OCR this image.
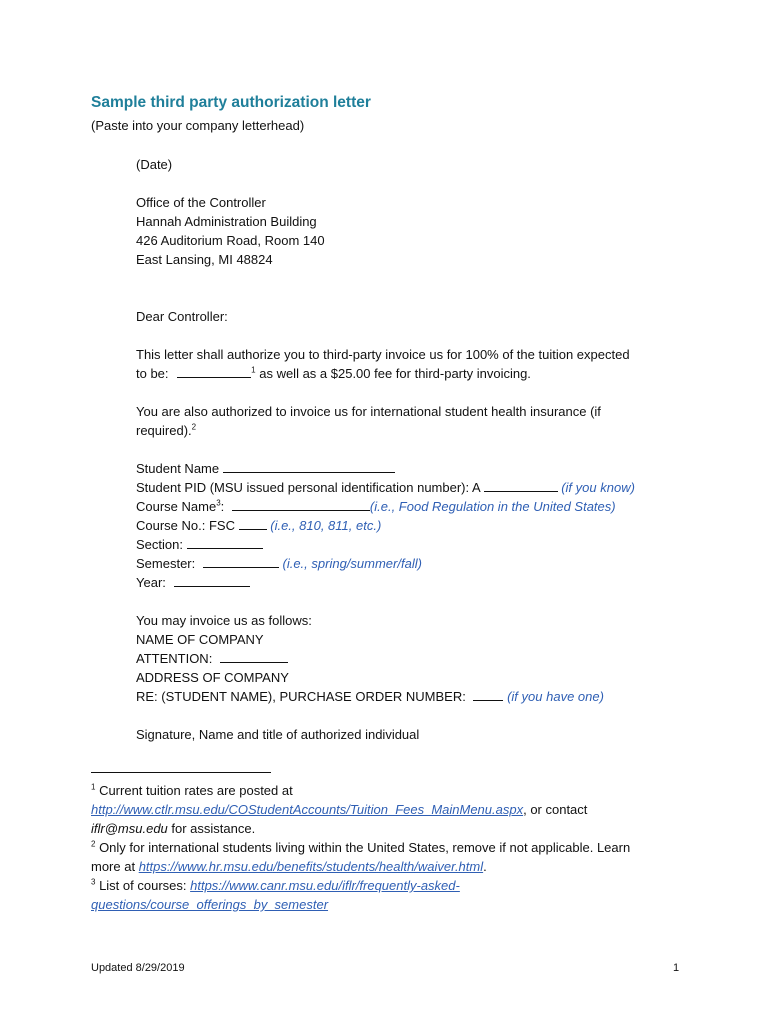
Sample third party authorization letter
(Paste into your company letterhead)

(Date)

Office of the Controller

Hannah Administration Building

426 Auditorium Road, Room 140

East Lansing, MI 48824

Dear Controller:

This letter shall authorize you to third-party invoice us for 100% of the tuition expected

to be:	$^1$ as well as a $25.00 fee for third-party invoicing.

You are also authorized to invoice us for international student health insurance (if

required).$^2$

Student Name

Student PID (MSU issued personal identification number): A	(if you know)

Course Name$^3$:	(i.e., Food Regulation in the United States)

Course No.: FSC	(i.e., 810, 811, etc.)

Section:

Semester:	(i.e., spring/summer/fall)

Year:

You may invoice us as follows:

NAME OF COMPANY

ATTENTION:

ADDRESS OF COMPANY

RE: (STUDENT NAME), PURCHASE ORDER NUMBER:	(if you have one)

Signature, Name and title of authorized individual

$^1$ Current tuition rates are posted at

http://www.ctlr.msu.edu/COStudentAccounts/Tuition_Fees_MainMenu.aspx, or contact

iflr@msu.edu for assistance.

$^2$ Only for international students living within the United States, remove if not applicable. Learn

more at https://www.hr.msu.edu/benefits/students/health/waiver.html.

$^3$ List of courses: https://www.canr.msu.edu/iflr/frequently-asked-

questions/course_offerings_by_semester

Updated 8/29/2019	1
